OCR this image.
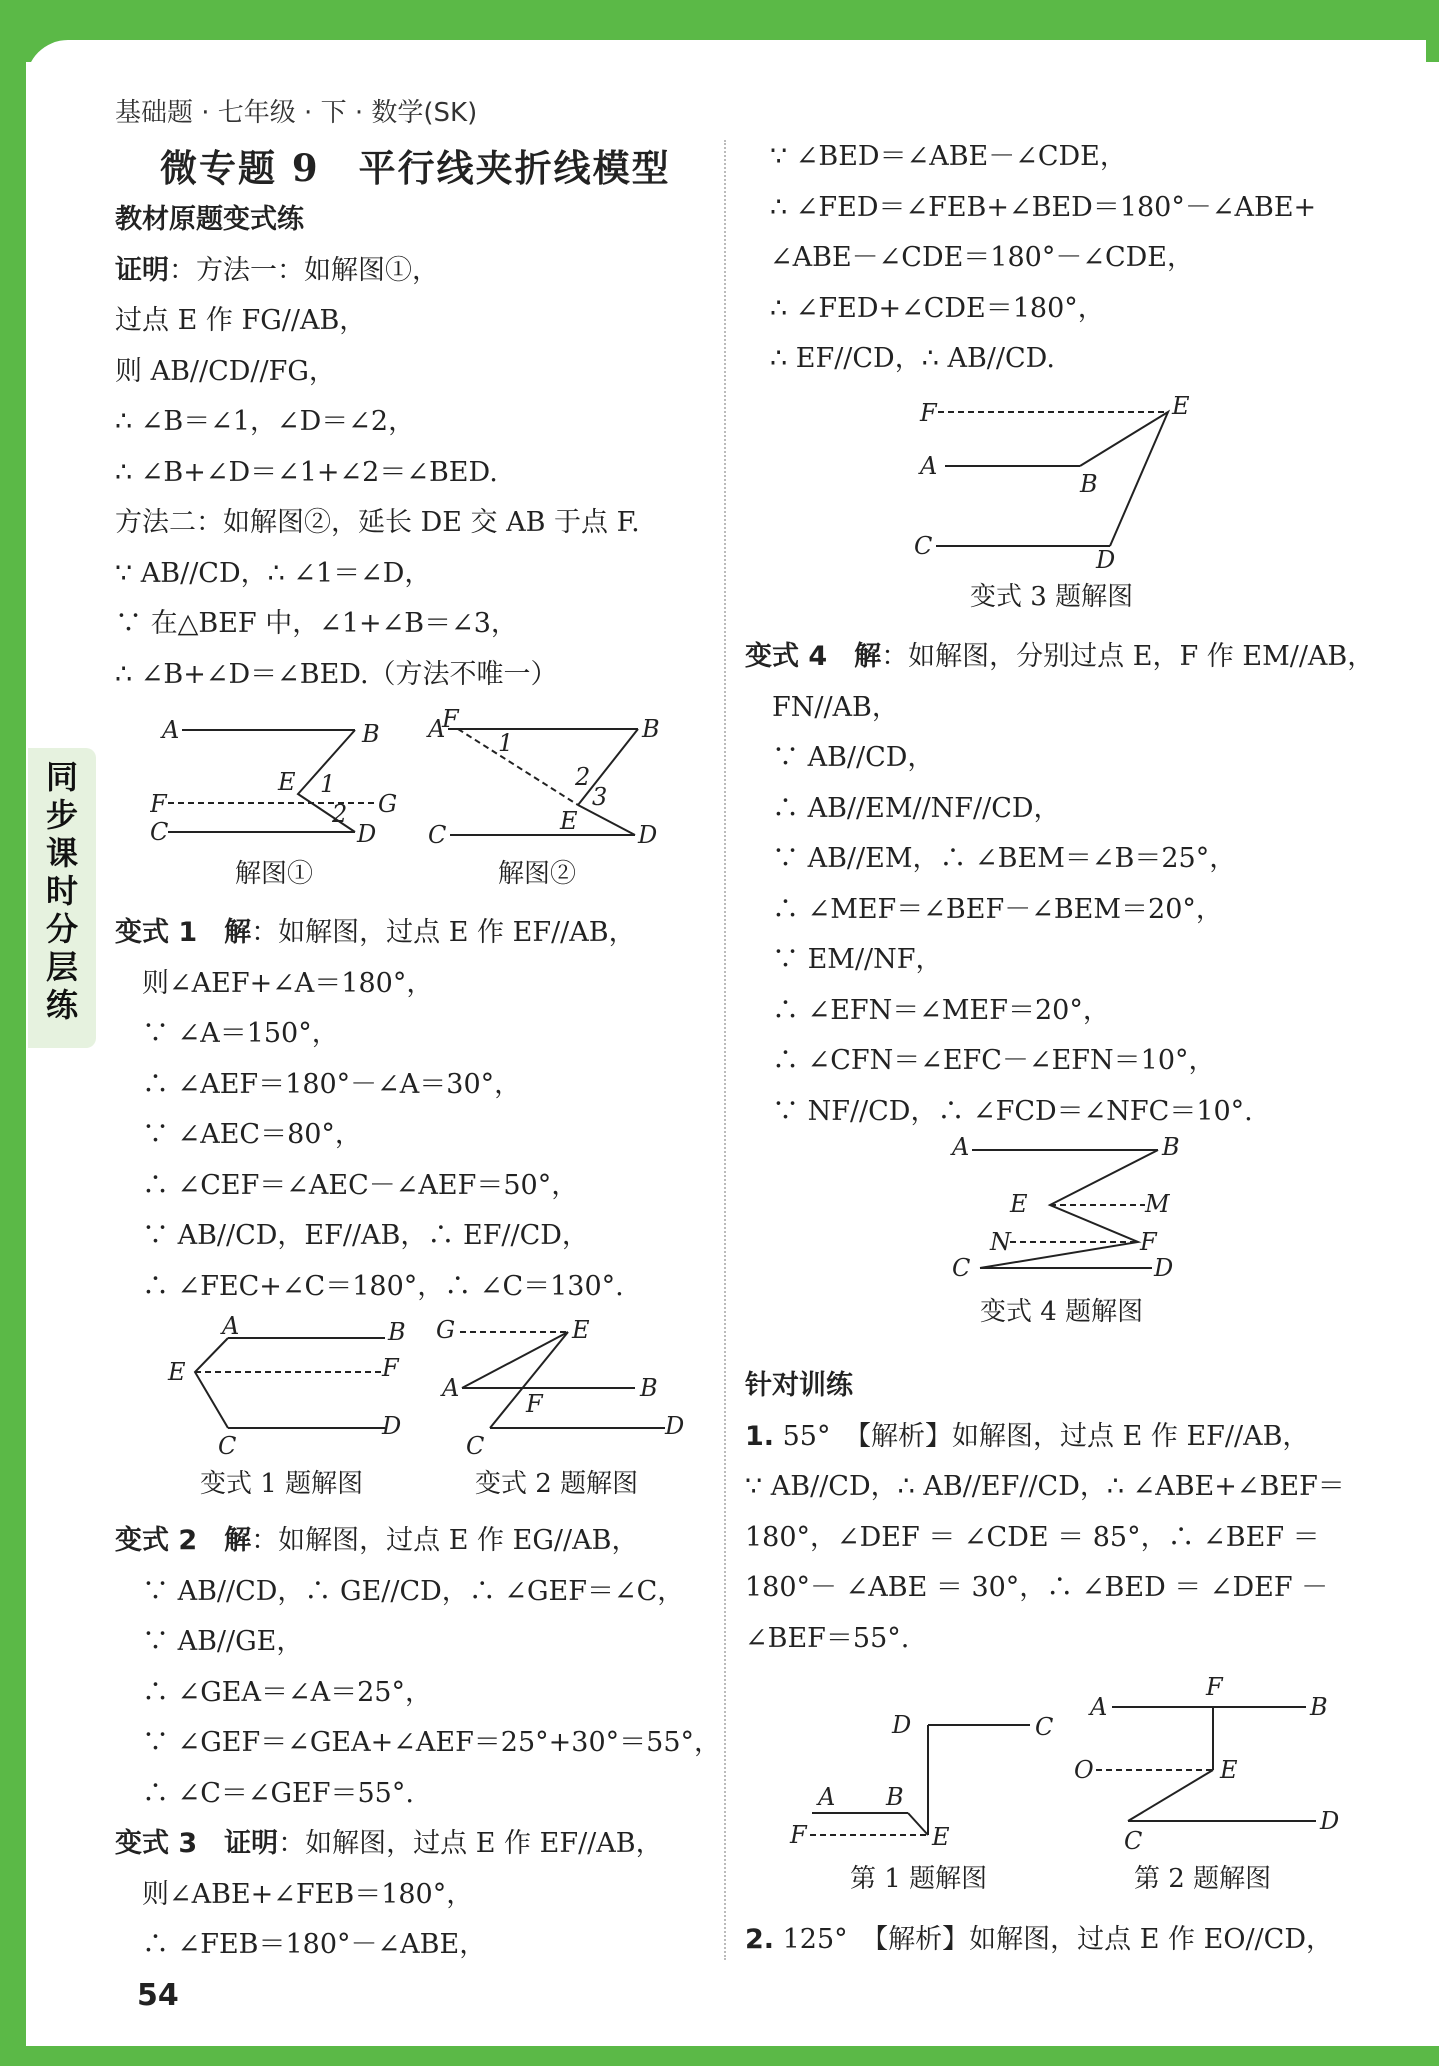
基础题 · 七年级 · 下 · 数学(SK)
同步课时分层练
微专题 9　平行线夹折线模型
教材原题变式练
证明：方法一：如解图①，
过点 E 作 FG//AB，
则 AB//CD//FG，
∴ ∠B＝∠1，∠D＝∠2，
∴ ∠B+∠D＝∠1+∠2＝∠BED.
方法二：如解图②，延长 DE 交 AB 于点 F.
∵ AB//CD，∴ ∠1＝∠D，
∵ 在△BEF 中，∠1+∠B＝∠3，
∴ ∠B+∠D＝∠BED.（方法不唯一）
变式 1　解：如解图，过点 E 作 EF//AB，
　则∠AEF+∠A＝180°，
　∵ ∠A＝150°，
　∴ ∠AEF＝180°－∠A＝30°，
　∵ ∠AEC＝80°，
　∴ ∠CEF＝∠AEC－∠AEF＝50°，
　∵ AB//CD，EF//AB，∴ EF//CD，
　∴ ∠FEC+∠C＝180°，∴ ∠C＝130°.
变式 2　解：如解图，过点 E 作 EG//AB，
　∵ AB//CD，∴ GE//CD，∴ ∠GEF＝∠C，
　∵ AB//GE，
　∴ ∠GEA＝∠A＝25°，
　∵ ∠GEF＝∠GEA+∠AEF＝25°+30°＝55°，
　∴ ∠C＝∠GEF＝55°.
变式 3　证明：如解图，过点 E 作 EF//AB，
　则∠ABE+∠FEB＝180°，
　∴ ∠FEB＝180°－∠ABE，
∵ ∠BED＝∠ABE－∠CDE，
∴ ∠FED＝∠FEB+∠BED＝180°－∠ABE+
∠ABE－∠CDE＝180°－∠CDE，
∴ ∠FED+∠CDE＝180°，
∴ EF//CD，∴ AB//CD.
变式 4　解：如解图，分别过点 E，F 作 EM//AB，
　FN//AB，
　∵ AB//CD，
　∴ AB//EM//NF//CD，
　∵ AB//EM，∴ ∠BEM＝∠B＝25°，
　∴ ∠MEF＝∠BEF－∠BEM＝20°，
　∵ EM//NF，
　∴ ∠EFN＝∠MEF＝20°，
　∴ ∠CFN＝∠EFC－∠EFN＝10°，
　∵ NF//CD，∴ ∠FCD＝∠NFC＝10°.
针对训练
1. 55°　【解析】如解图，过点 E 作 EF//AB，
∵ AB//CD，∴ AB//EF//CD，∴ ∠ABE+∠BEF＝
180°，∠DEF ＝ ∠CDE ＝ 85°，∴ ∠BEF ＝
180°－ ∠ABE ＝ 30°，∴ ∠BED ＝ ∠DEF －
∠BEF＝55°.
2. 125°　【解析】如解图，过点 E 作 EO//CD，
A	B
F	G
C	D
E 1
2
解图①
A
F	B
1
2
3
E
C	D
解图②
A	B
E	F
C
D
变式 1 题解图
G	E
A	B
F
C
D
变式 2 题解图
F	E
A
B
C	D
变式 3 题解图
A	B
E	M
N	F
C	D
变式 4 题解图
D	C
A B
F	E
第 1 题解图
A
F
B
O	E
C
D
第 2 题解图
54
